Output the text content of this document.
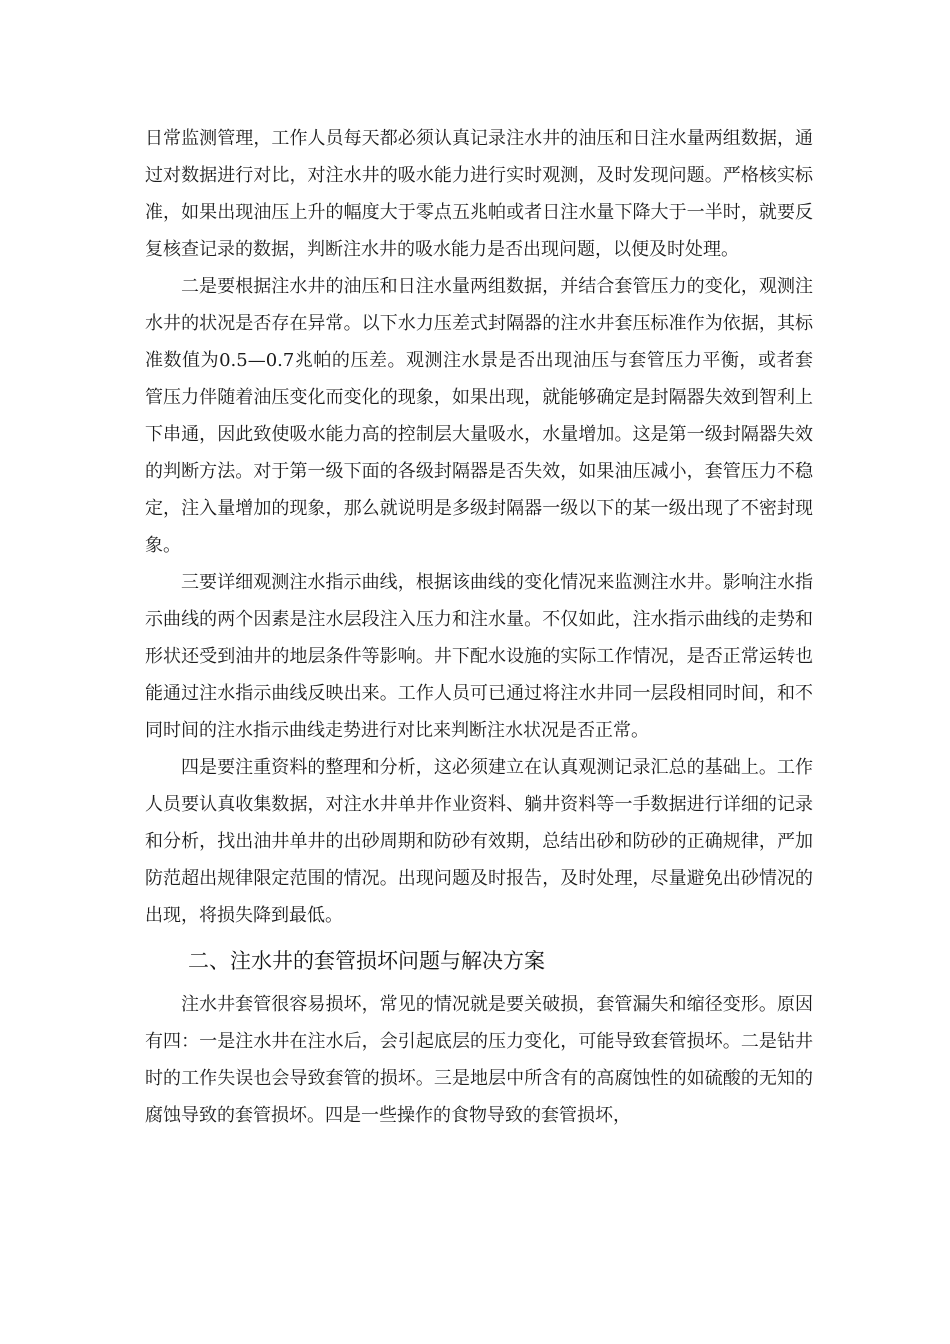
日常监测管理，工作人员每天都必须认真记录注水井的油压和日注水量两组数据，通过对数据进行对比，对注水井的吸水能力进行实时观测，及时发现问题。严格核实标准，如果出现油压上升的幅度大于零点五兆帕或者日注水量下降大于一半时，就要反复核查记录的数据，判断注水井的吸水能力是否出现问题，以便及时处理。

二是要根据注水井的油压和日注水量两组数据，并结合套管压力的变化，观测注水井的状况是否存在异常。以下水力压差式封隔器的注水井套压标准作为依据，其标准数值为0.5—0.7兆帕的压差。观测注水景是否出现油压与套管压力平衡，或者套管压力伴随着油压变化而变化的现象，如果出现，就能够确定是封隔器失效到智利上下串通，因此致使吸水能力高的控制层大量吸水，水量增加。这是第一级封隔器失效的判断方法。对于第一级下面的各级封隔器是否失效，如果油压减小，套管压力不稳定，注入量增加的现象，那么就说明是多级封隔器一级以下的某一级出现了不密封现象。

三要详细观测注水指示曲线，根据该曲线的变化情况来监测注水井。影响注水指示曲线的两个因素是注水层段注入压力和注水量。不仅如此，注水指示曲线的走势和形状还受到油井的地层条件等影响。井下配水设施的实际工作情况，是否正常运转也能通过注水指示曲线反映出来。工作人员可已通过将注水井同一层段相同时间，和不同时间的注水指示曲线走势进行对比来判断注水状况是否正常。

四是要注重资料的整理和分析，这必须建立在认真观测记录汇总的基础上。工作人员要认真收集数据，对注水井单井作业资料、躺井资料等一手数据进行详细的记录和分析，找出油井单井的出砂周期和防砂有效期，总结出砂和防砂的正确规律，严加防范超出规律限定范围的情况。出现问题及时报告，及时处理，尽量避免出砂情况的出现，将损失降到最低。

二、注水井的套管损坏问题与解决方案

注水井套管很容易损坏，常见的情况就是要关破损，套管漏失和缩径变形。原因有四：一是注水井在注水后，会引起底层的压力变化，可能导致套管损坏。二是钻井时的工作失误也会导致套管的损坏。三是地层中所含有的高腐蚀性的如硫酸的无知的腐蚀导致的套管损坏。四是一些操作的食物导致的套管损坏，
